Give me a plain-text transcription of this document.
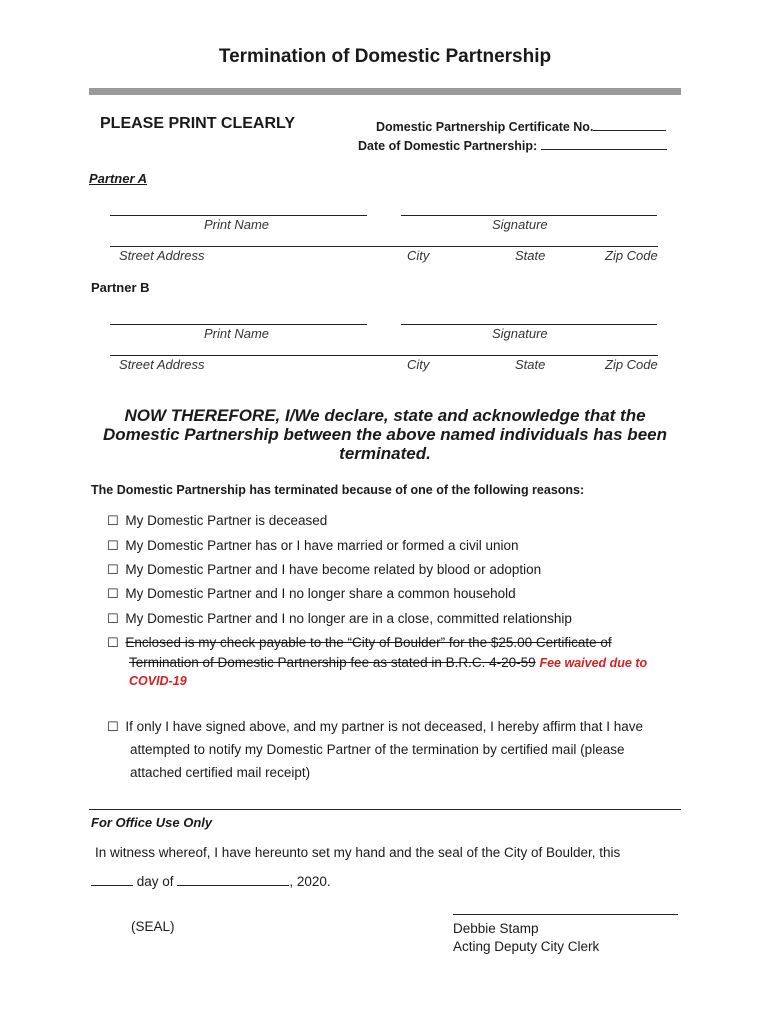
Termination of Domestic Partnership
PLEASE PRINT CLEARLY	Domestic Partnership Certificate No.
Date of Domestic Partnership:
Partner A
Print Name	Signature
Street Address	City	State	Zip Code
Partner B
Print Name	Signature
Street Address	City	State	Zip Code
NOW THEREFORE, I/We declare, state and acknowledge that the
Domestic Partnership between the above named individuals has been
terminated.
The Domestic Partnership has terminated because of one of the following reasons:
☐ My Domestic Partner is deceased
☐ My Domestic Partner has or I have married or formed a civil union
☐ My Domestic Partner and I have become related by blood or adoption
☐ My Domestic Partner and I no longer share a common household
☐ My Domestic Partner and I no longer are in a close, committed relationship
☐ Enclosed is my check payable to the “City of Boulder” for the $25.00 Certificate of
Termination of Domestic Partnership fee as stated in B.R.C. 4-20-59 Fee waived due to
COVID-19
☐ If only I have signed above, and my partner is not deceased, I hereby affirm that I have
attempted to notify my Domestic Partner of the termination by certified mail (please
attached certified mail receipt)
For Office Use Only
In witness whereof, I have hereunto set my hand and the seal of the City of Boulder, this
day of	, 2020.
(SEAL)	Debbie Stamp
Acting Deputy City Clerk
